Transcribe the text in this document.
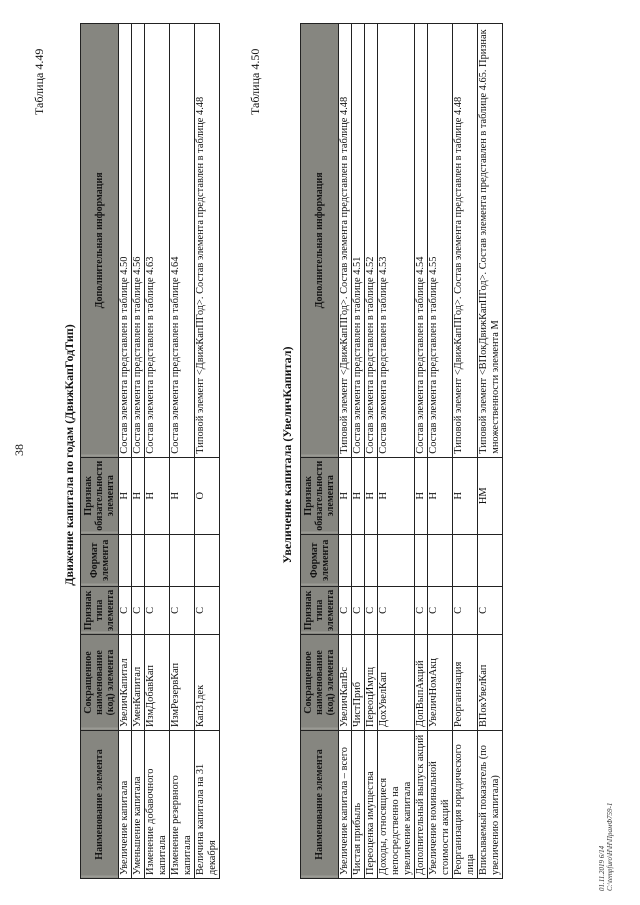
38
Таблица 4.49
Движение капитала по годам (ДвижКапГодТип)
Наименование элемента	Сокращенное наименование (код) элемента	Признак типа элемента	Формат элемента	Признак обязательности элемента	Дополнительная информация
Увеличение капитала	УвеличКапитал	С		Н	Состав элемента представлен в таблице 4.50
Уменьшение капитала	УменКапитал	С		Н	Состав элемента представлен в таблице 4.56
Изменение добавочного капитала	ИзмДобавКап	С		Н	Состав элемента представлен в таблице 4.63
Изменение резервного капитала	ИзмРезервКап	С		Н	Состав элемента представлен в таблице 4.64
Величина капитала на 31 декабря	Кап31дек	С		О	Типовой элемент <ДвижКапПГод>. Состав элемента представлен в таблице 4.48
Таблица 4.50
Увеличение капитала (УвеличКапитал)
Наименование элемента	Сокращенное наименование (код) элемента	Признак типа элемента	Формат элемента	Признак обязательности элемента	Дополнительная информация
Увеличение капитала – всего	УвеличКапВс	С		Н	Типовой элемент <ДвижКапПГод>. Состав элемента представлен в таблице 4.48
Чистая прибыль	ЧистПриб	С		Н	Состав элемента представлен в таблице 4.51
Переоценка имущества	ПереоцИмущ	С		Н	Состав элемента представлен в таблице 4.52
Доходы, относящиеся непосредственно на увеличение капитала	ДохУвелКап	С		Н	Состав элемента представлен в таблице 4.53
Дополнительный выпуск акций	ДопВыпАкций	С		Н	Состав элемента представлен в таблице 4.54
Увеличение номинальной стоимости акций	УвеличНомАкц	С		Н	Состав элемента представлен в таблице 4.55
Реорганизация юридического лица	Реорганизация	С		Н	Типовой элемент <ДвижКапПГод>. Состав элемента представлен в таблице 4.48
Вписываемый показатель (по увеличению капитала)	ВПокУвелКап	С		НМ	Типовой элемент <ВПокДвижКапПГод>. Состав элемента представлен в таблице 4.65. Признак множественности элемента М
01.11.2019 6/14 С:\tempfuro\Н\Н\ПрамФ759-1
